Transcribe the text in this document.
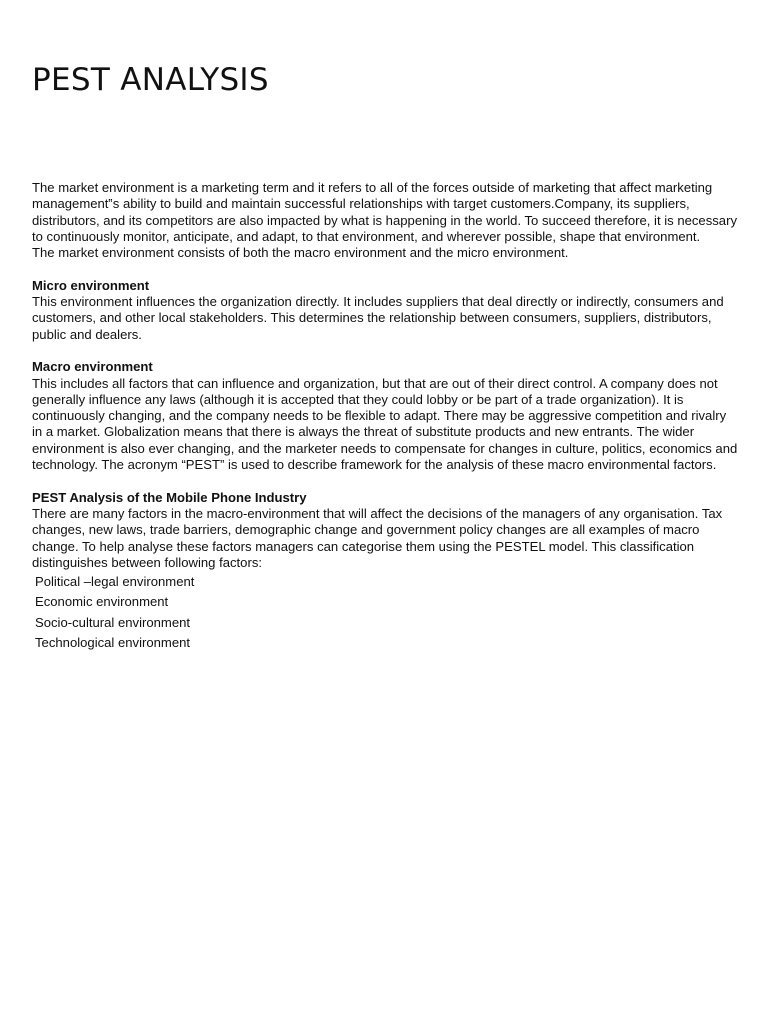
PEST ANALYSIS

The market environment is a marketing term and it refers to all of the forces outside of marketing that affect marketing management‟s ability to build and maintain successful relationships with target customers.Company, its suppliers, distributors, and its competitors are also impacted by what is happening in the world. To succeed therefore, it is necessary to continuously monitor, anticipate, and adapt, to that environment, and wherever possible, shape that environment.

The market environment consists of both the macro environment and the micro environment.

Micro environment

This environment influences the organization directly. It includes suppliers that deal directly or indirectly, consumers and customers, and other local stakeholders. This determines the relationship between consumers, suppliers, distributors, public and dealers.

Macro environment

This includes all factors that can influence and organization, but that are out of their direct control. A company does not generally influence any laws (although it is accepted that they could lobby or be part of a trade organization). It is continuously changing, and the company needs to be flexible to adapt. There may be aggressive competition and rivalry in a market. Globalization means that there is always the threat of substitute products and new entrants. The wider environment is also ever changing, and the marketer needs to compensate for changes in culture, politics, economics and technology. The acronym “PEST” is used to describe framework for the analysis of these macro environmental factors.

PEST Analysis of the Mobile Phone Industry

There are many factors in the macro-environment that will affect the decisions of the managers of any organisation. Tax changes, new laws, trade barriers, demographic change and government policy changes are all examples of macro change. To help analyse these factors managers can categorise them using the PESTEL model. This classification distinguishes between following factors:

Political –legal environment
Economic environment
Socio-cultural environment
Technological environment
